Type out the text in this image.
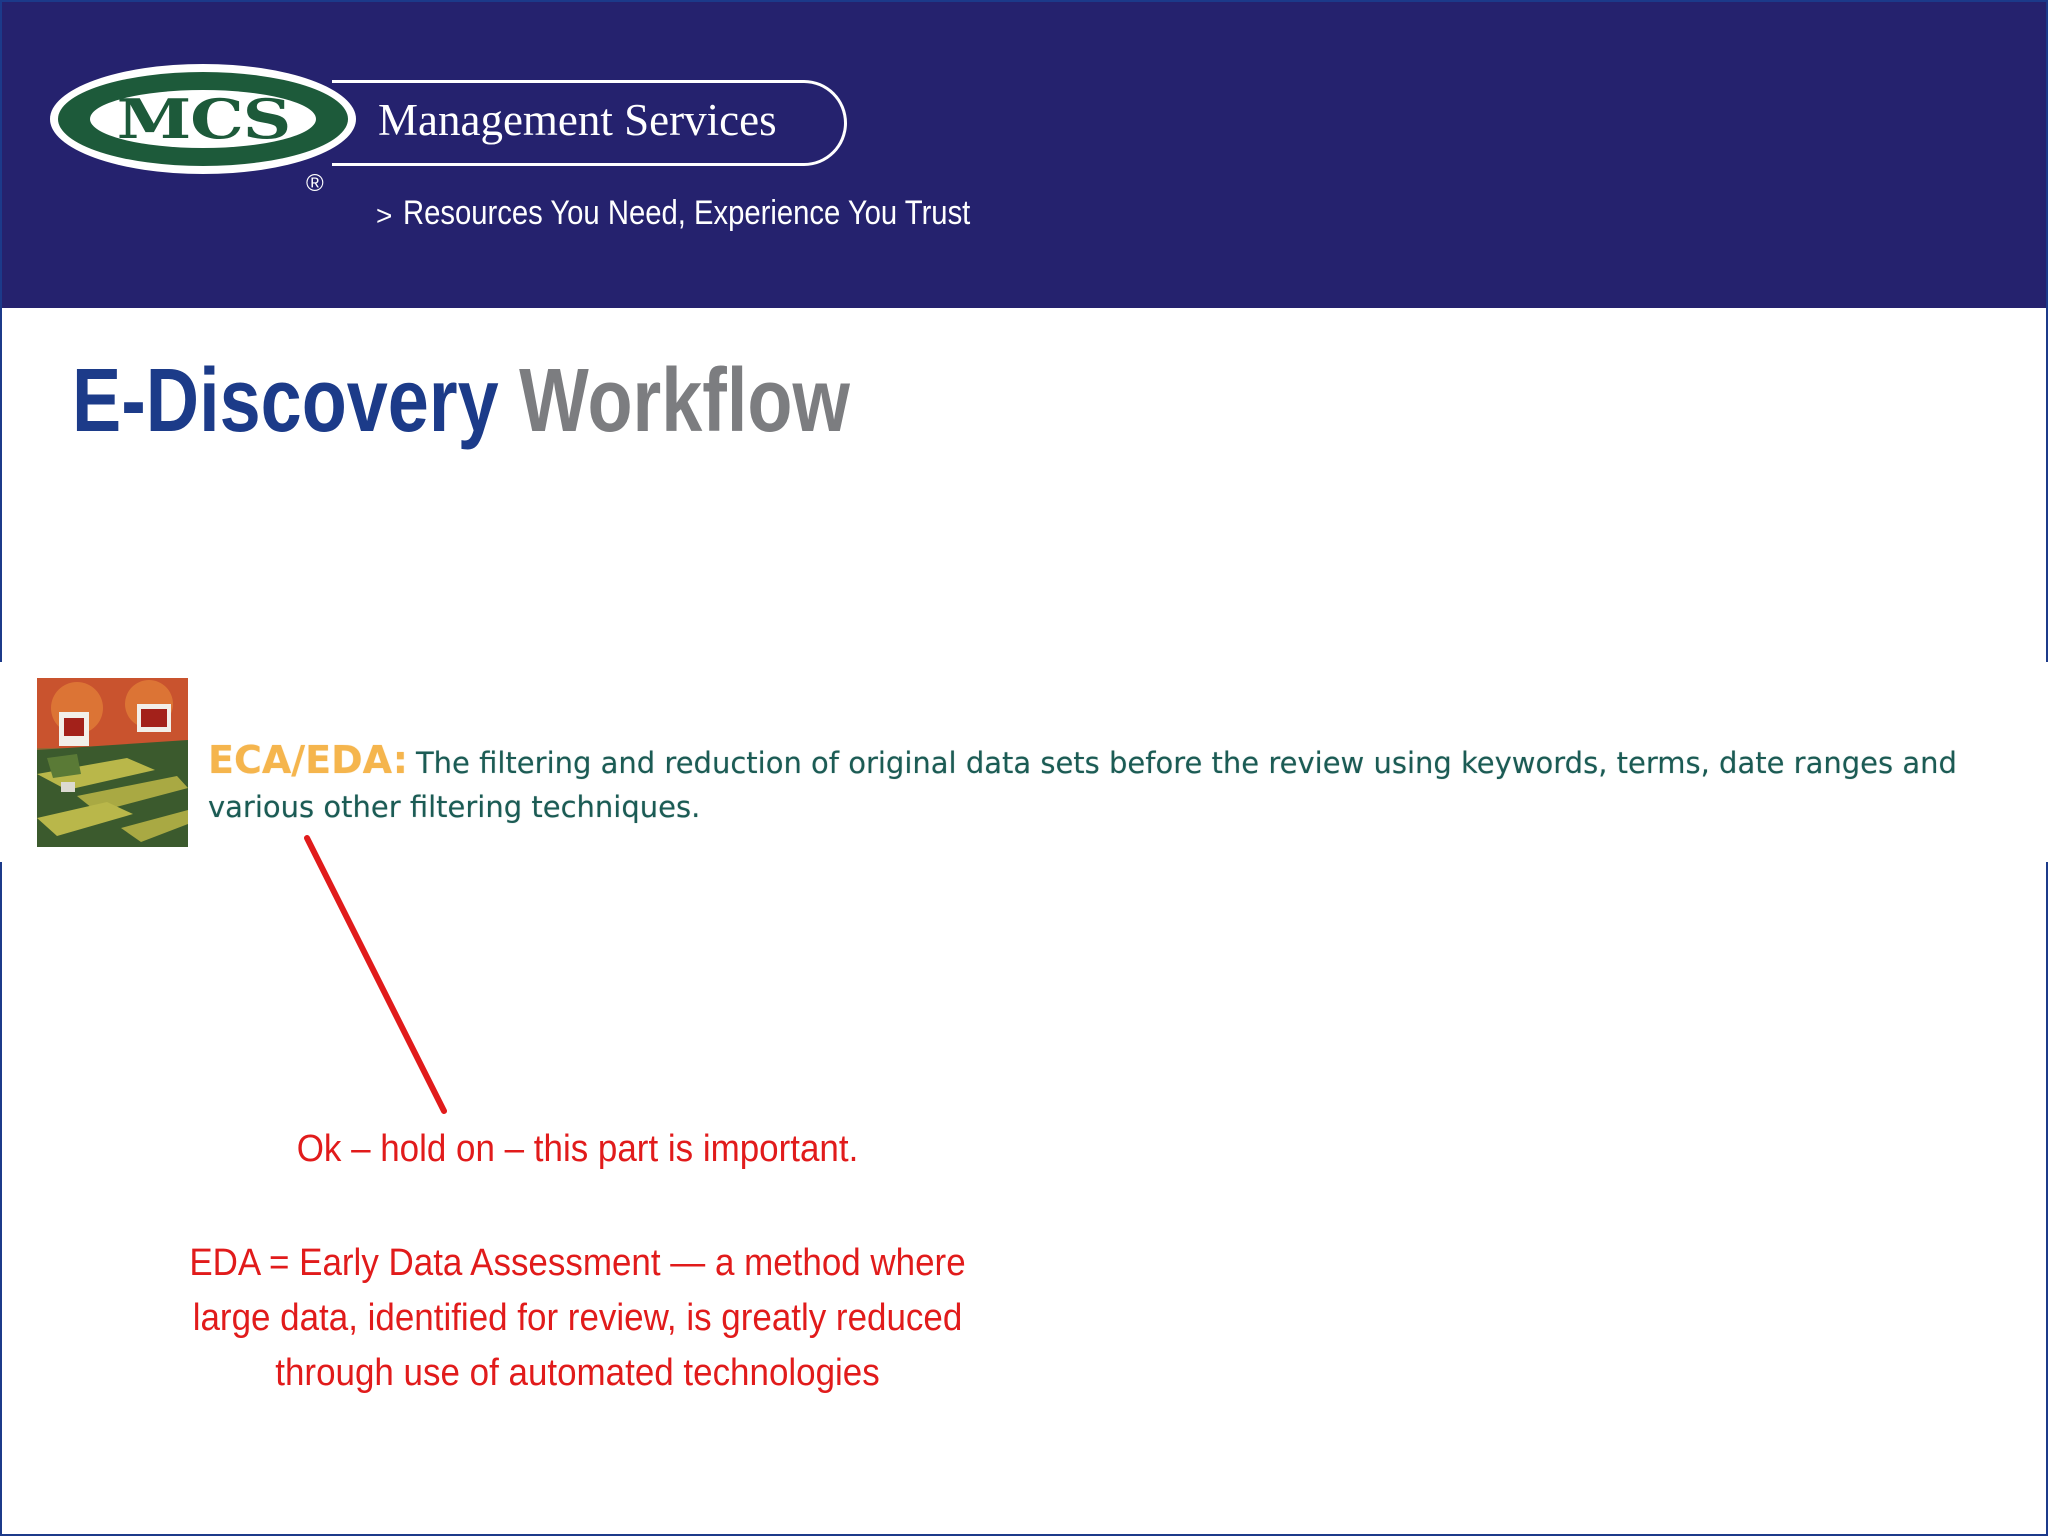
MCS Management Services
®
> Resources You Need, Experience You Trust
E-Discovery Workflow

ECA/EDA: The filtering and reduction of original data sets before the review using keywords, terms, date ranges and various other filtering techniques.

Ok – hold on – this part is important.

EDA = Early Data Assessment — a method where large data, identified for review, is greatly reduced through use of automated technologies
